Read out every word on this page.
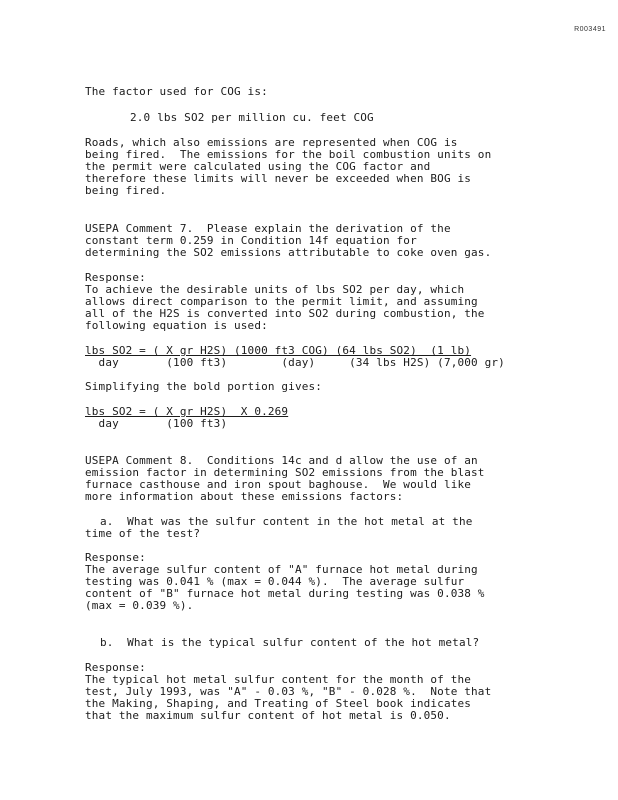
R003491
The factor used for COG is:
2.0 lbs SO2 per million cu. feet COG
Roads, which also emissions are represented when COG is
being fired.  The emissions for the boil combustion units on
the permit were calculated using the COG factor and
therefore these limits will never be exceeded when BOG is
being fired.
USEPA Comment 7.  Please explain the derivation of the
constant term 0.259 in Condition 14f equation for
determining the SO2 emissions attributable to coke oven gas.
Response:
To achieve the desirable units of lbs SO2 per day, which
allows direct comparison to the permit limit, and assuming
all of the H2S is converted into SO2 during combustion, the
following equation is used:
lbs SO2 = ( X gr H2S) (1000 ft3 COG) (64 lbs SO2)  (1 lb)
day       (100 ft3)        (day)     (34 lbs H2S) (7,000 gr)
Simplifying the bold portion gives:
lbs SO2 = ( X gr H2S)  X 0.269
day       (100 ft3)
USEPA Comment 8.  Conditions 14c and d allow the use of an
emission factor in determining SO2 emissions from the blast
furnace casthouse and iron spout baghouse.  We would like
more information about these emissions factors:
a.  What was the sulfur content in the hot metal at the
time of the test?
Response:
The average sulfur content of "A" furnace hot metal during
testing was 0.041 % (max = 0.044 %).  The average sulfur
content of "B" furnace hot metal during testing was 0.038 %
(max = 0.039 %).
b.  What is the typical sulfur content of the hot metal?
Response:
The typical hot metal sulfur content for the month of the
test, July 1993, was "A" - 0.03 %, "B" - 0.028 %.  Note that
the Making, Shaping, and Treating of Steel book indicates
that the maximum sulfur content of hot metal is 0.050.
